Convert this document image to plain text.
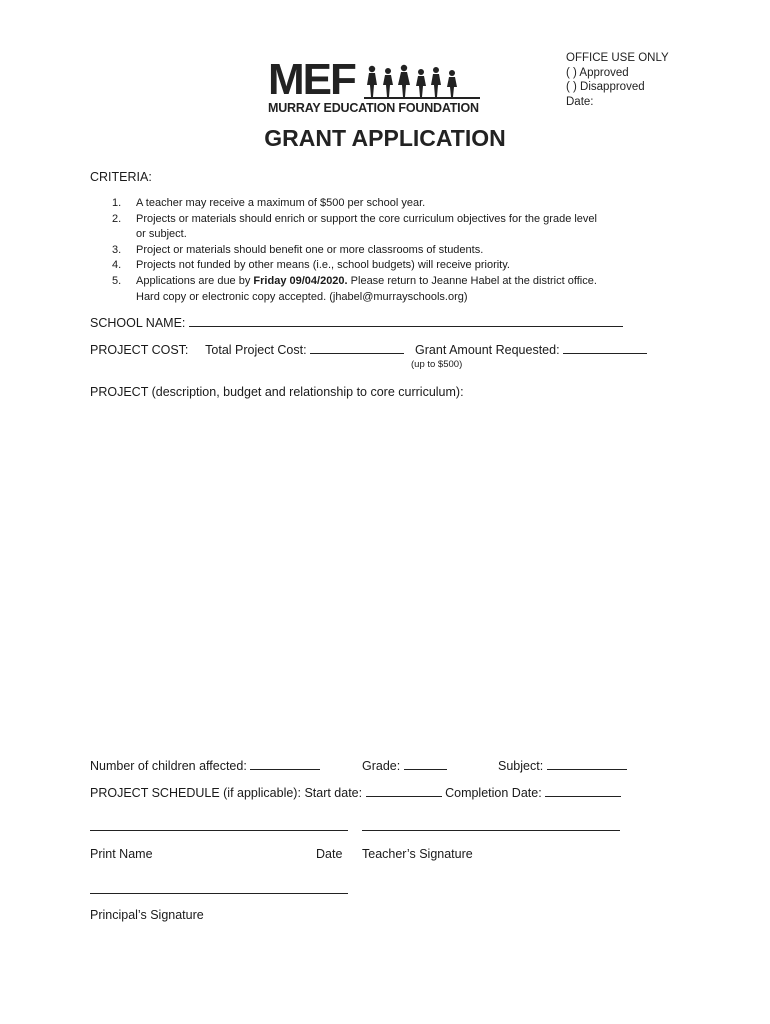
MEF
MURRAY EDUCATION FOUNDATION
OFFICE USE ONLY
( ) Approved
( ) Disapproved
Date:
GRANT APPLICATION
CRITERIA:
1.	A teacher may receive a maximum of $500 per school year.
2.	Projects or materials should enrich or support the core curriculum objectives for the grade level or subject.
3.	Project or materials should benefit one or more classrooms of students.
4.	Projects not funded by other means (i.e., school budgets) will receive priority.
5.	Applications are due by Friday 09/04/2020. Please return to Jeanne Habel at the district office. Hard copy or electronic copy accepted. (jhabel@murrayschools.org)
SCHOOL NAME:
PROJECT COST: Total Project Cost:	Grant Amount Requested:
(up to $500)
PROJECT (description, budget and relationship to core curriculum):
Number of children affected:	Grade:	Subject:
PROJECT SCHEDULE (if applicable): Start date:	Completion Date:
Print Name	Date Teacher’s Signature
Principal’s Signature
